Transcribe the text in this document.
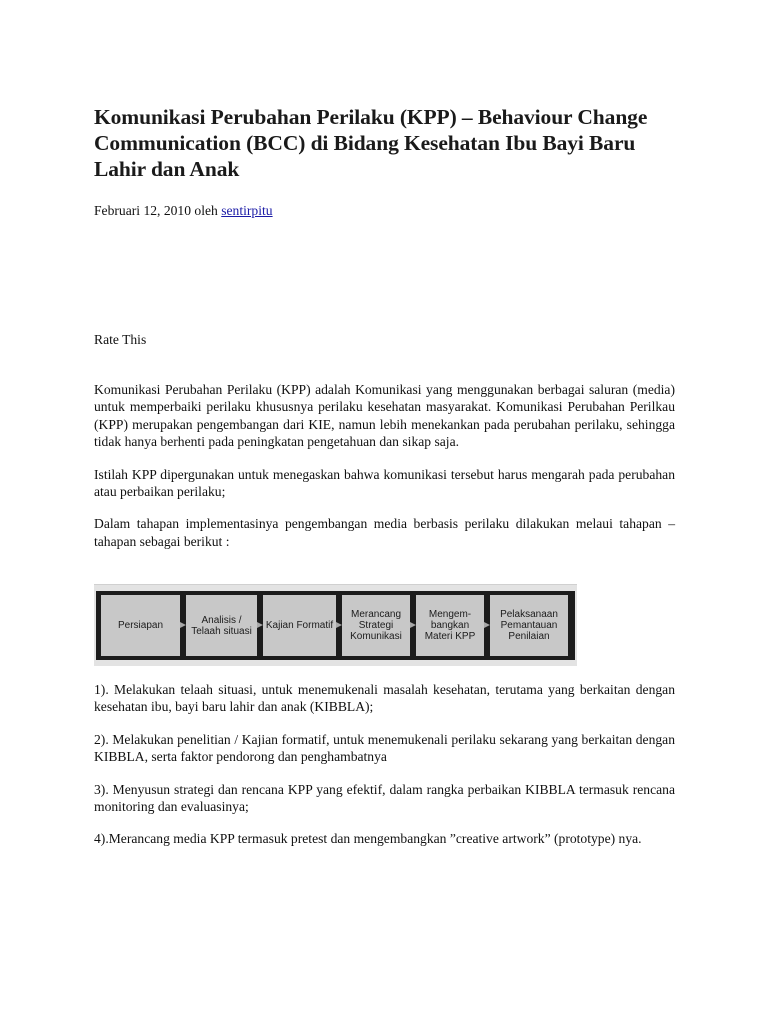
Komunikasi Perubahan Perilaku (KPP) – Behaviour Change Communication (BCC) di Bidang Kesehatan Ibu Bayi Baru Lahir dan Anak
Februari 12, 2010 oleh sentirpitu
Rate This

Komunikasi Perubahan Perilaku (KPP) adalah Komunikasi yang menggunakan berbagai saluran (media) untuk memperbaiki perilaku khususnya perilaku kesehatan masyarakat. Komunikasi Perubahan Perilkau (KPP) merupakan pengembangan dari KIE, namun lebih menekankan pada perubahan perilaku, sehingga tidak hanya berhenti pada peningkatan pengetahuan dan sikap saja.

Istilah KPP dipergunakan untuk menegaskan bahwa komunikasi tersebut harus mengarah pada perubahan atau perbaikan perilaku;

Dalam tahapan implementasinya pengembangan media berbasis perilaku dilakukan melaui tahapan – tahapan sebagai berikut :

Persiapan	Analisis / Telaah situasi	Kajian Formatif
Merancang Strategi Komunikasi
Mengem-bangkan Materi KPP
Pelaksanaan Pemantauan Penilaian

1). Melakukan telaah situasi, untuk menemukenali masalah kesehatan, terutama yang berkaitan dengan kesehatan ibu, bayi baru lahir dan anak (KIBBLA);

2). Melakukan penelitian / Kajian formatif, untuk menemukenali perilaku sekarang yang berkaitan dengan KIBBLA, serta faktor pendorong dan penghambatnya

3). Menyusun strategi dan rencana KPP yang efektif, dalam rangka perbaikan KIBBLA termasuk rencana monitoring dan evaluasinya;

4).Merancang media KPP termasuk pretest dan mengembangkan ”creative artwork” (prototype) nya.
